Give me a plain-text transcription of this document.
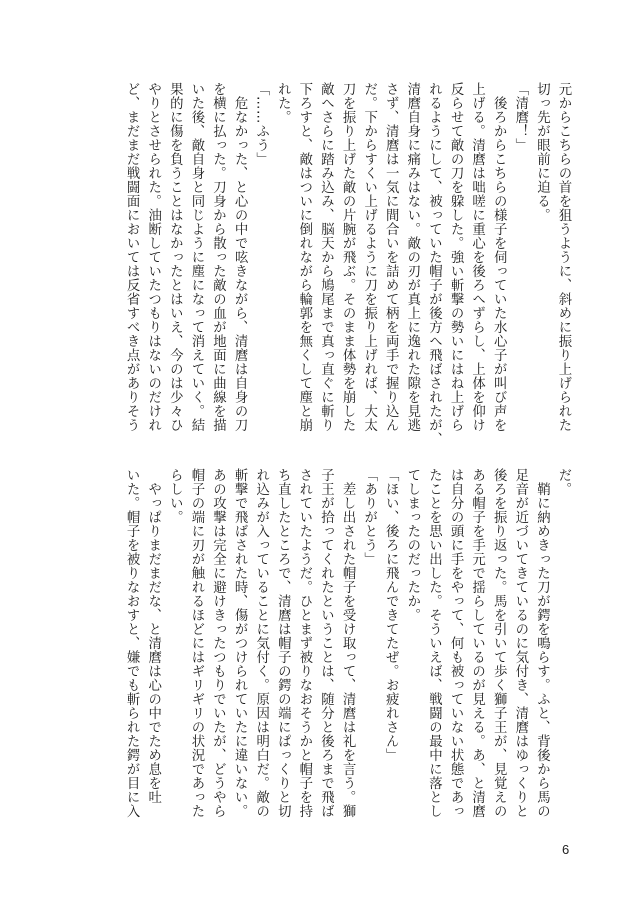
元からこちらの首を狙うように、斜めに振り上げられた
切っ先が眼前に迫る。
「清麿！」
　後ろからこちらの様子を伺っていた水心子が叫び声を
上げる。清麿は咄嗟に重心を後ろへずらし、上体を仰け
反らせて敵の刀を躱した。強い斬撃の勢いにはね上げら
れるようにして、被っていた帽子が後方へ飛ばされたが、
清麿自身に痛みはない。敵の刃が真上に逸れた隙を見逃
さず、清麿は一気に間合いを詰めて柄を両手で握り込ん
だ。下からすくい上げるように刀を振り上げれば、大太
刀を振り上げた敵の片腕が飛ぶ。そのまま体勢を崩した
敵へさらに踏み込み、脳天から鳩尾まで真っ直ぐに斬り
下ろすと、敵はついに倒れながら輪郭を無くして塵と崩
れた。
「……ふう」
　危なかった、と心の中で呟きながら、清麿は自身の刀
を横に払った。刀身から散った敵の血が地面に曲線を描
いた後、敵自身と同じように塵になって消えていく。結
果的に傷を負うことはなかったとはいえ、今のは少々ひ
やりとさせられた。油断していたつもりはないのだけれ
ど、まだまだ戦闘面においては反省すべき点がありそう
だ。
　鞘に納めきった刀が鍔を鳴らす。ふと、背後から馬の
足音が近づいてきているのに気付き、清麿はゆっくりと
後ろを振り返った。馬を引いて歩く獅子王が、見覚えの
ある帽子を手元で揺らしているのが見える。あ、と清麿
は自分の頭に手をやって、何も被っていない状態であっ
たことを思い出した。そういえば、戦闘の最中に落とし
てしまったのだったか。
「ほい、後ろに飛んできてたぜ。お疲れさん」
「ありがとう」
　差し出された帽子を受け取って、清麿は礼を言う。獅
子王が拾ってくれたということは、随分と後ろまで飛ば
されていたようだ。ひとまず被りなおそうかと帽子を持
ち直したところで、清麿は帽子の鍔の端にぱっくりと切
れ込みが入っていることに気付く。原因は明白だ。敵の
斬撃で飛ばされた時、傷がつけられていたに違いない。
あの攻撃は完全に避けきったつもりでいたが、どうやら
帽子の端に刃が触れるほどにはギリギリの状況であった
らしい。
　やっぱりまだまだな、と清麿は心の中でため息を吐
いた。帽子を被りなおすと、嫌でも斬られた鍔が目に入
6
